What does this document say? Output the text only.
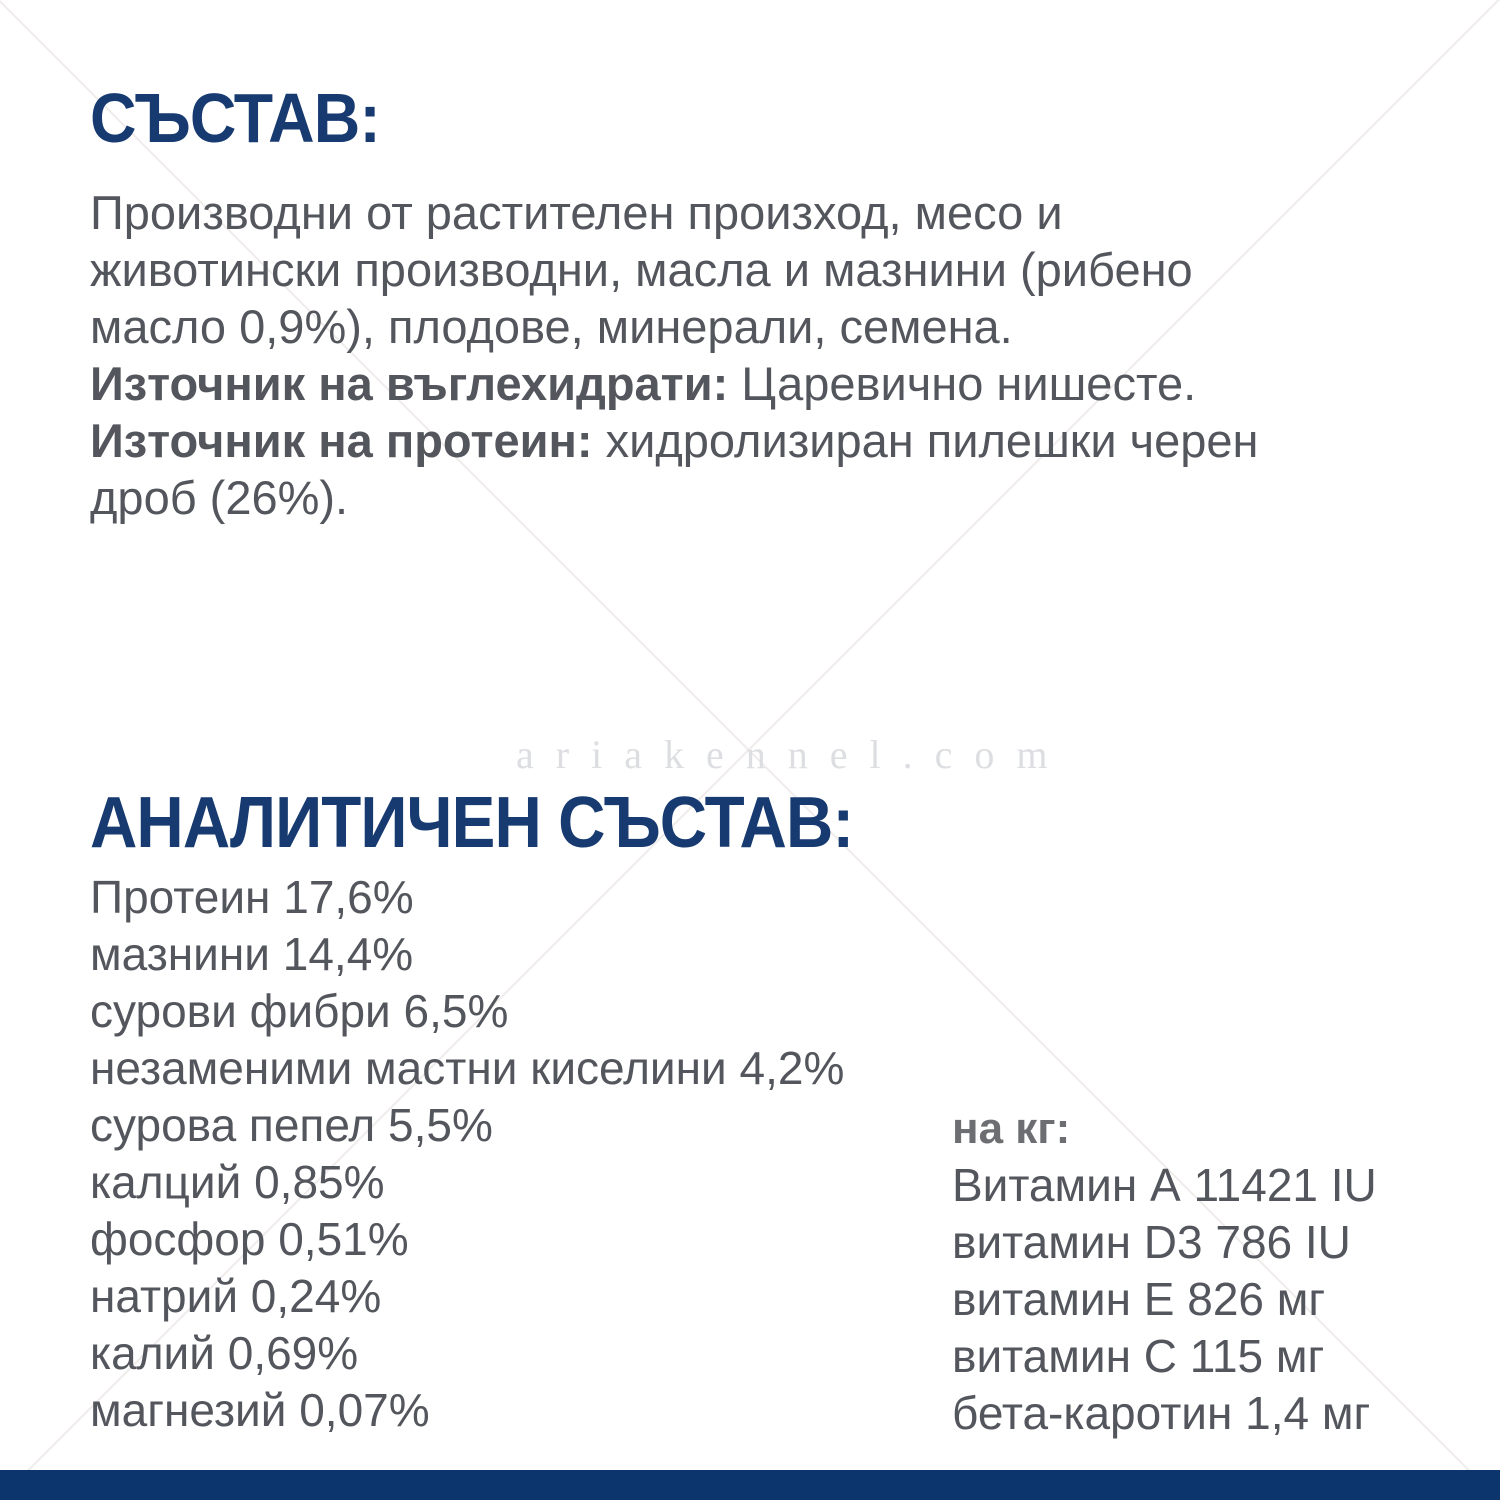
СЪСТАВ:
Производни от растителен произход, месо и
животински производни, масла и мазнини (рибено
масло 0,9%), плодове, минерали, семена.
Източник на въглехидрати: Царевично нишесте.
Източник на протеин: хидролизиран пилешки черен
дроб (26%).
ariakennel.com
АНАЛИТИЧЕН СЪСТАВ:
Протеин 17,6%
мазнини 14,4%
сурови фибри 6,5%
незаменими мастни киселини 4,2%
сурова пепел 5,5%
калций 0,85%
фосфор 0,51%
натрий 0,24%
калий 0,69%
магнезий 0,07%
на кг:
Витамин А 11421 IU
витамин D3 786 IU
витамин Е 826 мг
витамин С 115 мг
бета-каротин 1,4 мг
